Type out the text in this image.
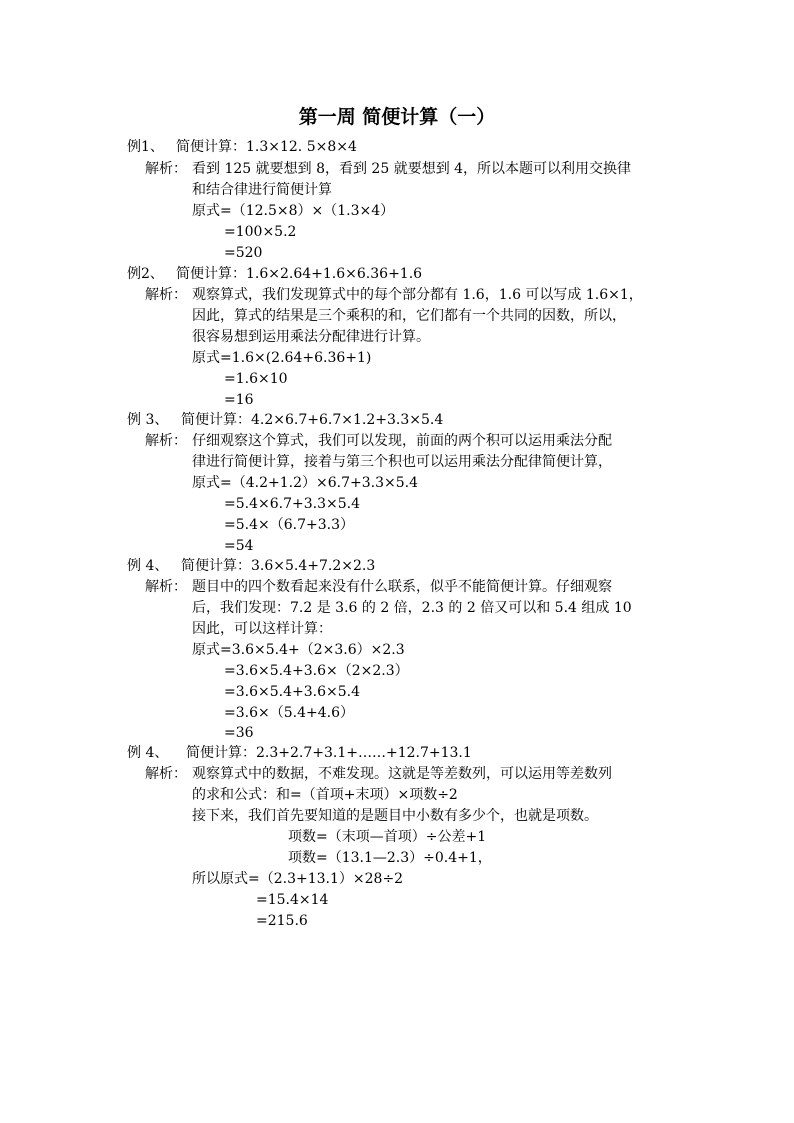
第一周 简便计算（一）
例1、 简便计算：1.3×12. 5×8×4
解析： 看到 125 就要想到 8，看到 25 就要想到 4，所以本题可以利用交换律
和结合律进行简便计算
原式=（12.5×8）×（1.3×4）
=100×5.2
=520
例2、 简便计算：1.6×2.64+1.6×6.36+1.6
解析： 观察算式，我们发现算式中的每个部分都有 1.6，1.6 可以写成 1.6×1，
因此，算式的结果是三个乘积的和，它们都有一个共同的因数，所以，
很容易想到运用乘法分配律进行计算。
原式=1.6×(2.64+6.36+1)
=1.6×10
=16
例 3、 简便计算：4.2×6.7+6.7×1.2+3.3×5.4
解析： 仔细观察这个算式，我们可以发现，前面的两个积可以运用乘法分配
律进行简便计算，接着与第三个积也可以运用乘法分配律简便计算，
原式=（4.2+1.2）×6.7+3.3×5.4
=5.4×6.7+3.3×5.4
=5.4×（6.7+3.3）
=54
例 4、 简便计算：3.6×5.4+7.2×2.3
解析： 题目中的四个数看起来没有什么联系，似乎不能简便计算。仔细观察
后，我们发现：7.2 是 3.6 的 2 倍，2.3 的 2 倍又可以和 5.4 组成 10
因此，可以这样计算：
原式=3.6×5.4+（2×3.6）×2.3
=3.6×5.4+3.6×（2×2.3）
=3.6×5.4+3.6×5.4
=3.6×（5.4+4.6）
=36
例 4、 简便计算：2.3+2.7+3.1+……+12.7+13.1
解析： 观察算式中的数据，不难发现。这就是等差数列，可以运用等差数列
的求和公式：和=（首项+末项）×项数÷2
接下来，我们首先要知道的是题目中小数有多少个，也就是项数。
项数=（末项—首项）÷公差+1
项数=（13.1—2.3）÷0.4+1，
所以原式=（2.3+13.1）×28÷2
=15.4×14
=215.6
